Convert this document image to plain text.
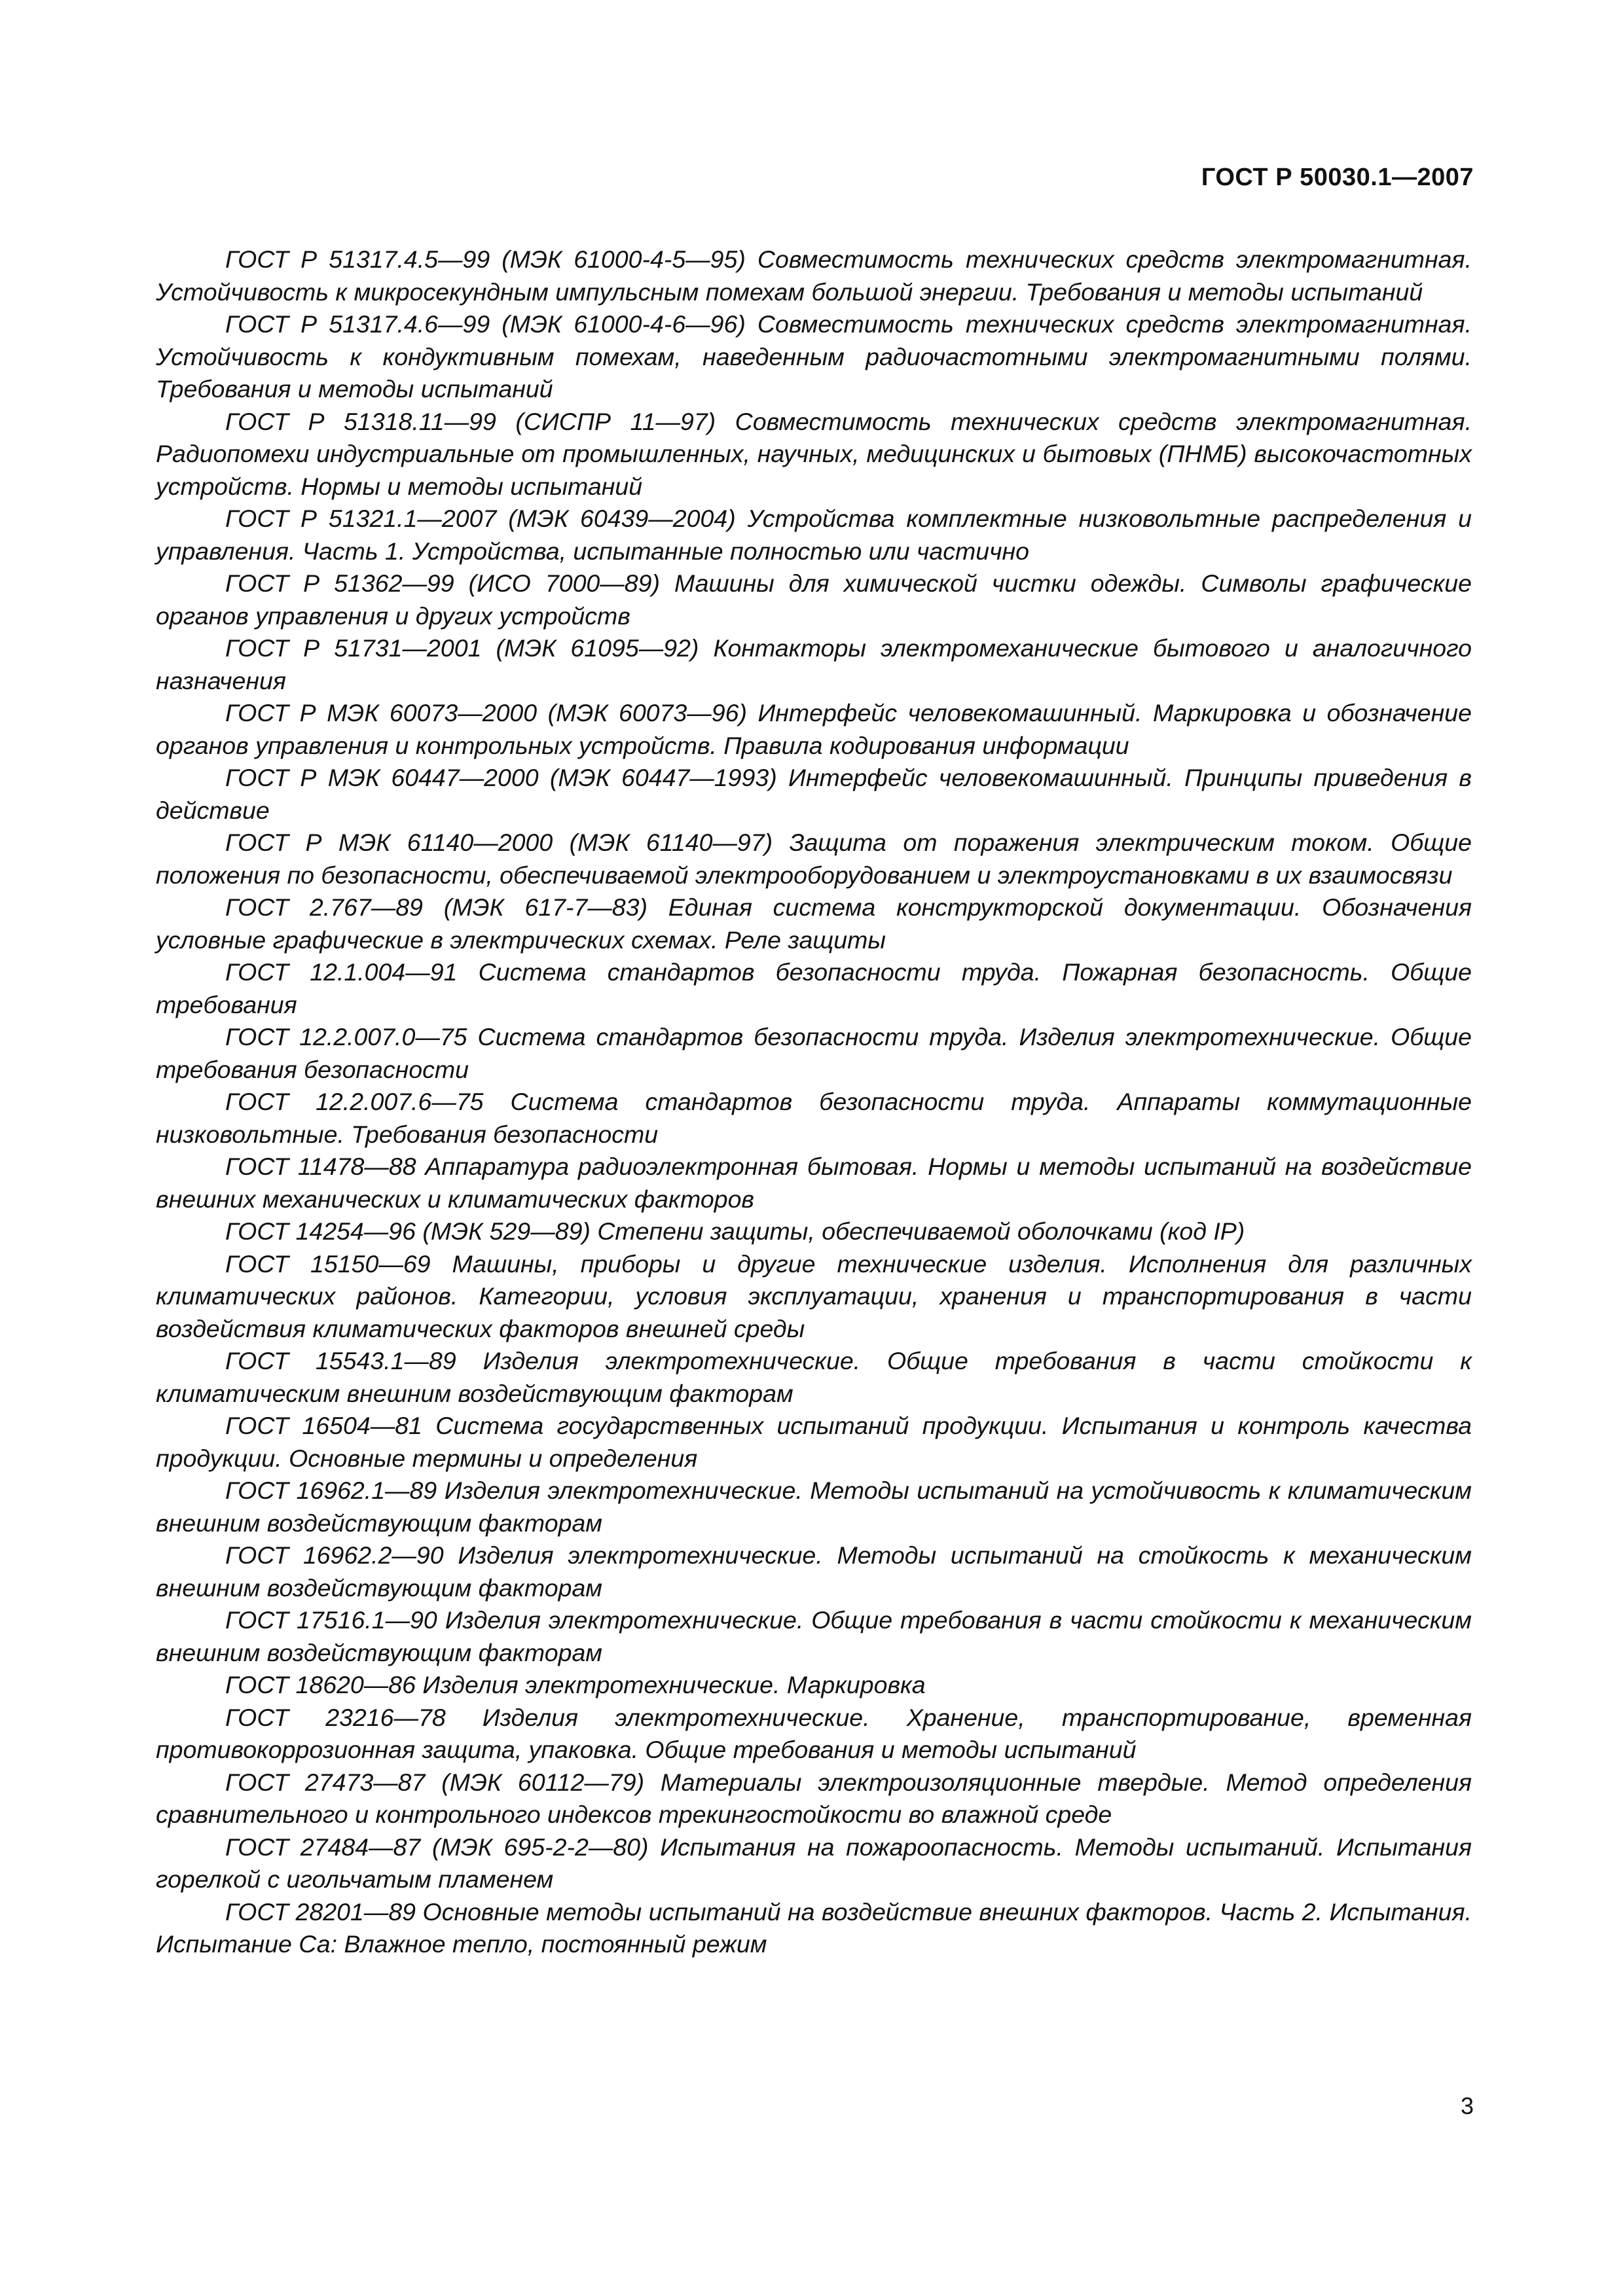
ГОСТ Р 50030.1—2007
ГОСТ Р 51317.4.5—99 (МЭК 61000-4-5—95) Совместимость технических средств электромагнитная. Устойчивость к микросекундным импульсным помехам большой энергии. Требования и методы испытаний
ГОСТ Р 51317.4.6—99 (МЭК 61000-4-6—96) Совместимость технических средств электромагнитная. Устойчивость к кондуктивным помехам, наведенным радиочастотными электромагнитными полями. Требования и методы испытаний
ГОСТ Р 51318.11—99 (СИСПР 11—97) Совместимость технических средств электромагнитная. Радиопомехи индустриальные от промышленных, научных, медицинских и бытовых (ПНМБ) высокочастотных устройств. Нормы и методы испытаний
ГОСТ Р 51321.1—2007 (МЭК 60439—2004) Устройства комплектные низковольтные распределения и управления. Часть 1. Устройства, испытанные полностью или частично
ГОСТ Р 51362—99 (ИСО 7000—89) Машины для химической чистки одежды. Символы графические органов управления и других устройств
ГОСТ Р 51731—2001 (МЭК 61095—92) Контакторы электромеханические бытового и аналогичного назначения
ГОСТ Р МЭК 60073—2000 (МЭК 60073—96) Интерфейс человекомашинный. Маркировка и обозначение органов управления и контрольных устройств. Правила кодирования информации
ГОСТ Р МЭК 60447—2000 (МЭК 60447—1993) Интерфейс человекомашинный. Принципы приведения в действие
ГОСТ Р МЭК 61140—2000 (МЭК 61140—97) Защита от поражения электрическим током. Общие положения по безопасности, обеспечиваемой электрооборудованием и электроустановками в их взаимосвязи
ГОСТ 2.767—89 (МЭК 617-7—83) Единая система конструкторской документации. Обозначения условные графические в электрических схемах. Реле защиты
ГОСТ 12.1.004—91 Система стандартов безопасности труда. Пожарная безопасность. Общие требования
ГОСТ 12.2.007.0—75 Система стандартов безопасности труда. Изделия электротехнические. Общие требования безопасности
ГОСТ 12.2.007.6—75 Система стандартов безопасности труда. Аппараты коммутационные низковольтные. Требования безопасности
ГОСТ 11478—88 Аппаратура радиоэлектронная бытовая. Нормы и методы испытаний на воздействие внешних механических и климатических факторов
ГОСТ 14254—96 (МЭК 529—89) Степени защиты, обеспечиваемой оболочками (код IP)
ГОСТ 15150—69 Машины, приборы и другие технические изделия. Исполнения для различных климатических районов. Категории, условия эксплуатации, хранения и транспортирования в части воздействия климатических факторов внешней среды
ГОСТ 15543.1—89 Изделия электротехнические. Общие требования в части стойкости к климатическим внешним воздействующим факторам
ГОСТ 16504—81 Система государственных испытаний продукции. Испытания и контроль качества продукции. Основные термины и определения
ГОСТ 16962.1—89 Изделия электротехнические. Методы испытаний на устойчивость к климатическим внешним воздействующим факторам
ГОСТ 16962.2—90 Изделия электротехнические. Методы испытаний на стойкость к механическим внешним воздействующим факторам
ГОСТ 17516.1—90 Изделия электротехнические. Общие требования в части стойкости к механическим внешним воздействующим факторам
ГОСТ 18620—86 Изделия электротехнические. Маркировка
ГОСТ 23216—78 Изделия электротехнические. Хранение, транспортирование, временная противокоррозионная защита, упаковка. Общие требования и методы испытаний
ГОСТ 27473—87 (МЭК 60112—79) Материалы электроизоляционные твердые. Метод определения сравнительного и контрольного индексов трекингостойкости во влажной среде
ГОСТ 27484—87 (МЭК 695-2-2—80) Испытания на пожароопасность. Методы испытаний. Испытания горелкой с игольчатым пламенем
ГОСТ 28201—89 Основные методы испытаний на воздействие внешних факторов. Часть 2. Испытания. Испытание Са: Влажное тепло, постоянный режим
3
